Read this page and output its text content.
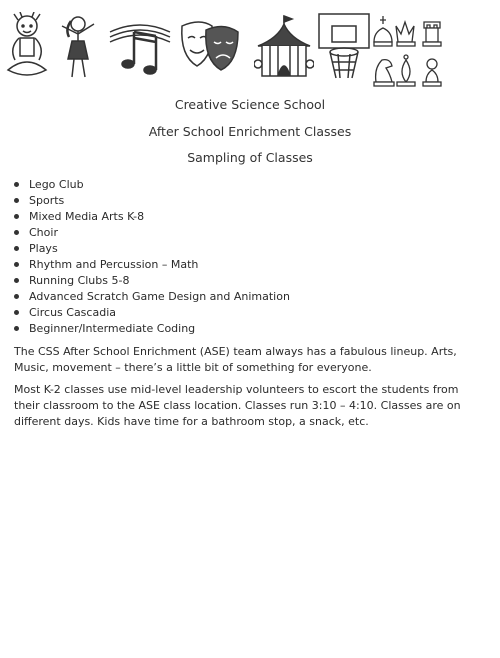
Creative Science School
After School Enrichment Classes
Sampling of Classes
Lego Club
Sports
Mixed Media Arts K-8
Choir
Plays
Rhythm and Percussion – Math
Running Clubs 5-8
Advanced Scratch Game Design and Animation
Circus Cascadia
Beginner/Intermediate Coding

The CSS After School Enrichment (ASE) team always has a fabulous lineup. Arts, Music, movement – there’s a little bit of something for everyone.

Most K-2 classes use mid-level leadership volunteers to escort the students from their classroom to the ASE class location. Classes run 3:10 – 4:10. Classes are on different days. Kids have time for a bathroom stop, a snack, etc.
